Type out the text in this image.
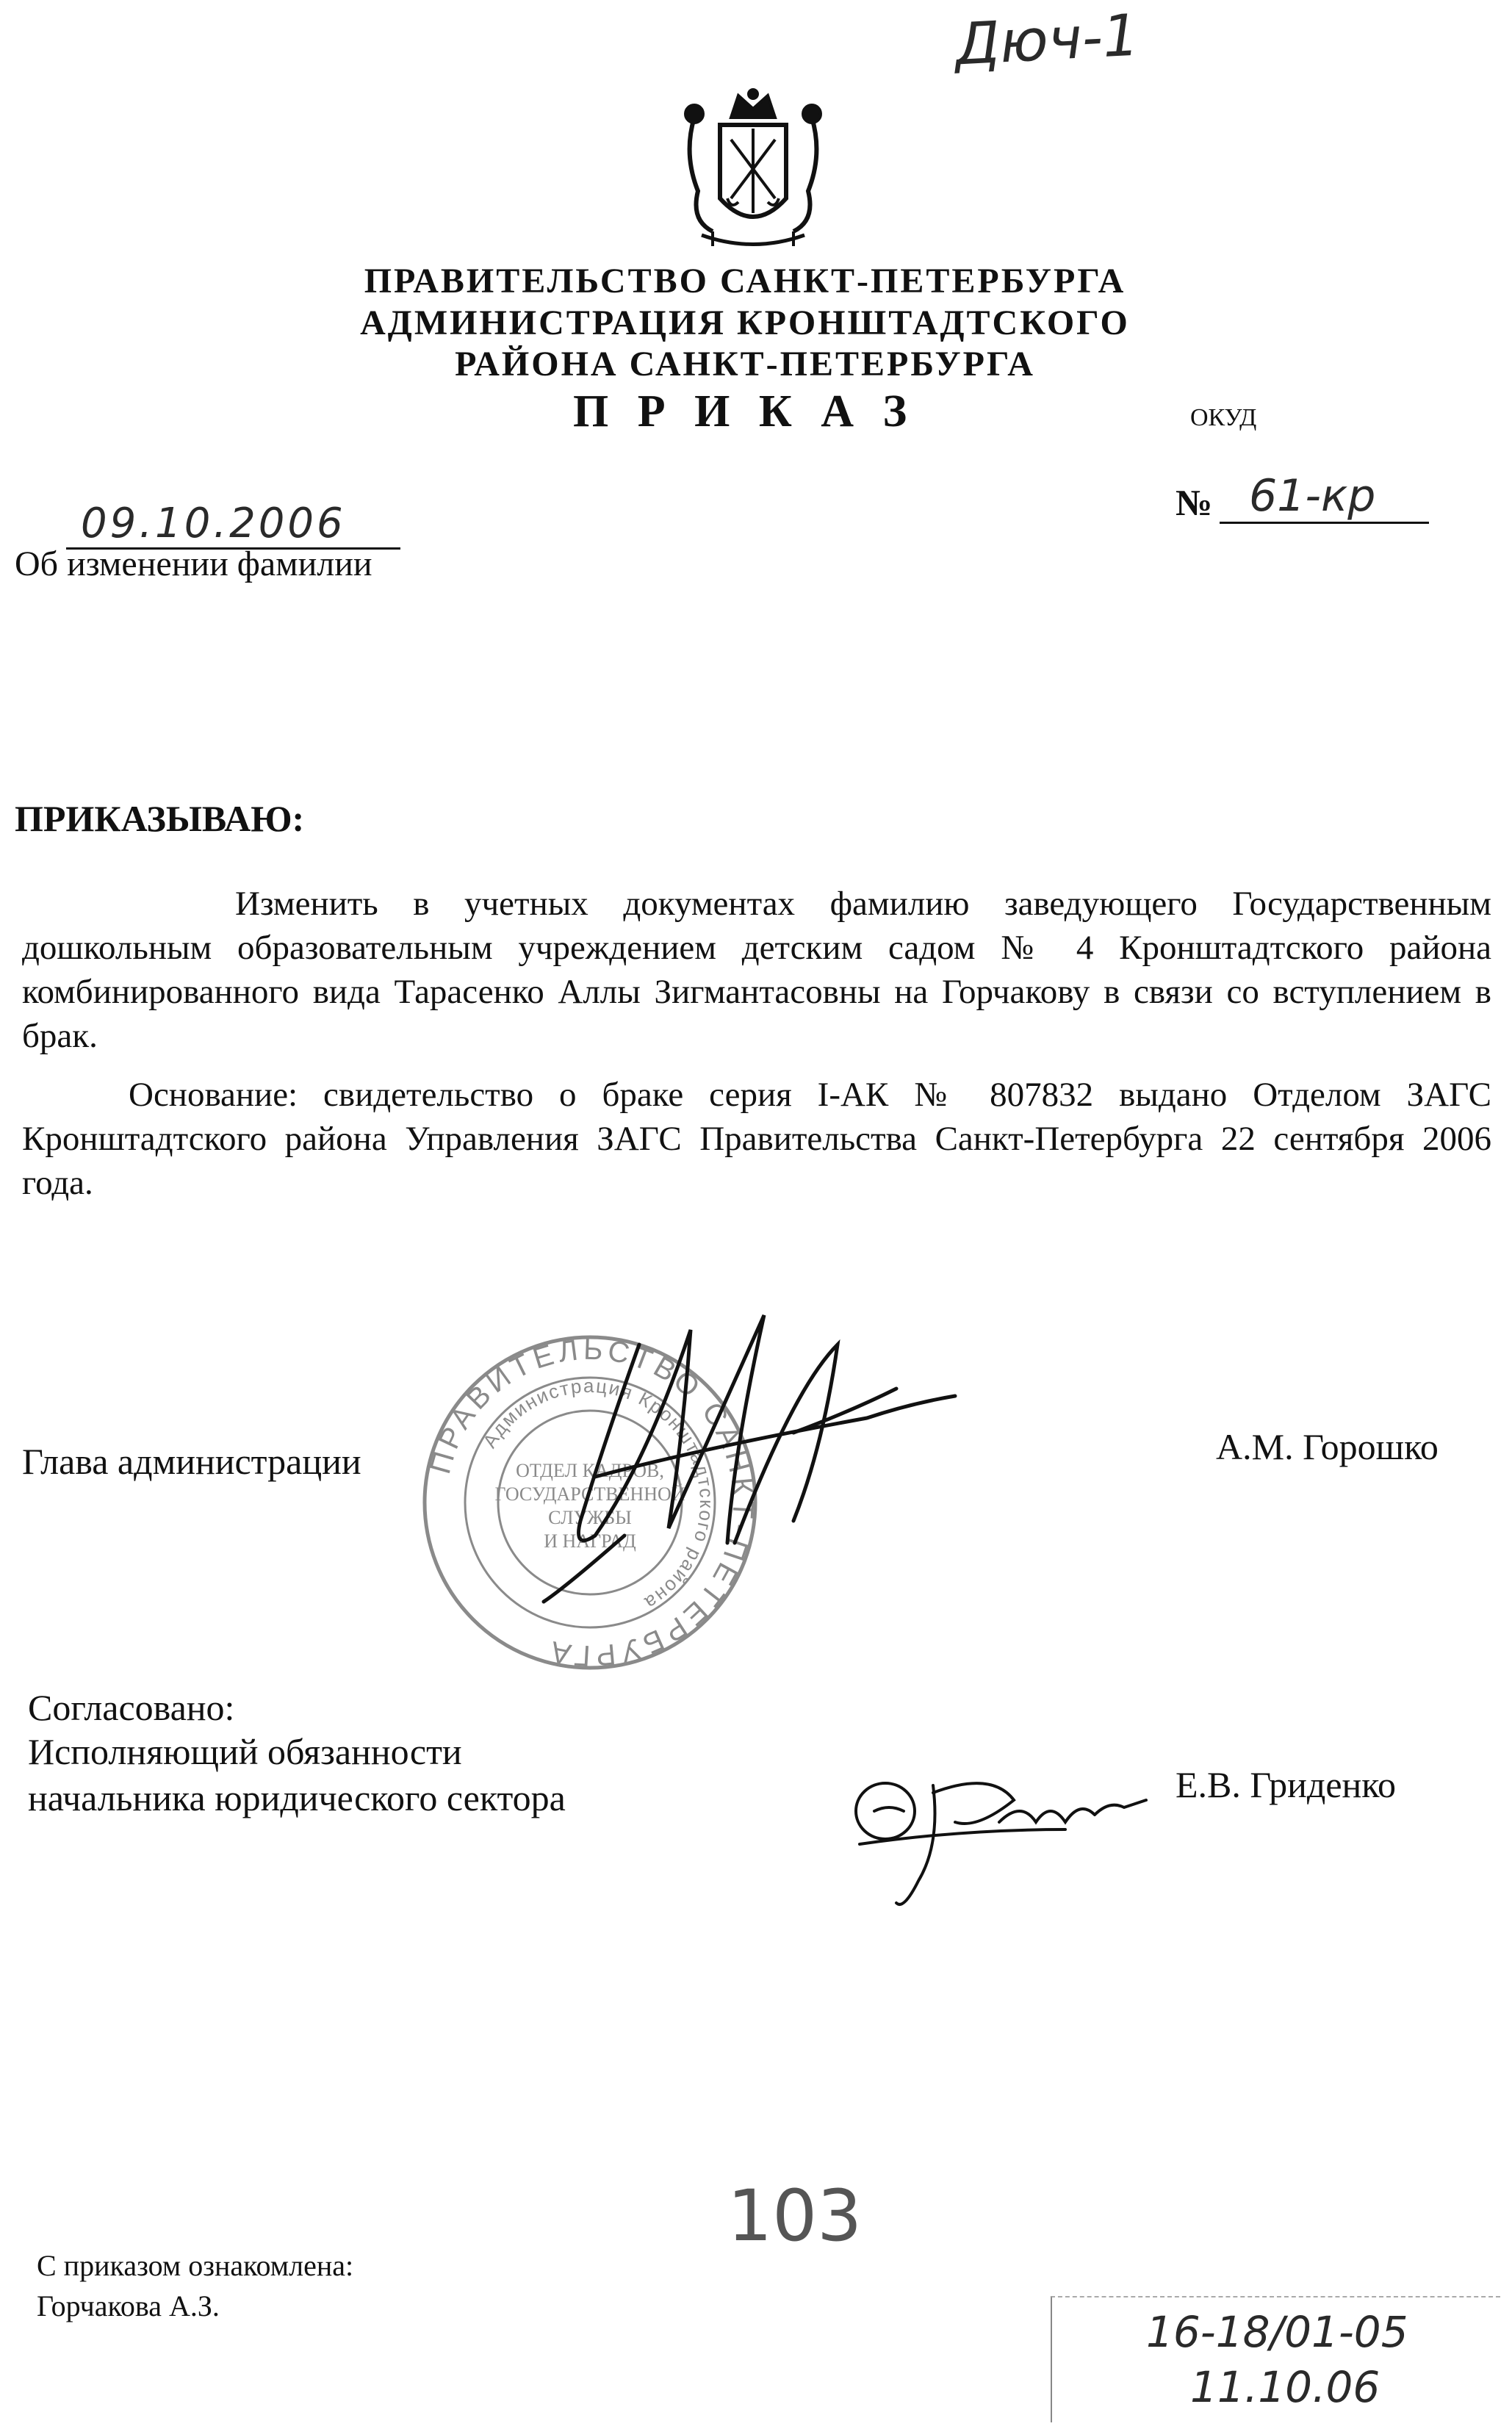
Дюч-1
ПРАВИТЕЛЬСТВО САНКТ-ПЕТЕРБУРГА
АДМИНИСТРАЦИЯ КРОНШТАДТСКОГО
РАЙОНА САНКТ-ПЕТЕРБУРГА
П Р И К А З	ОКУД
09.10.2006	№ 61-кр
Об изменении фамилии
ПРИКАЗЫВАЮ:
Изменить в учетных документах фамилию заведующего Государственным дошкольным образовательным учреждением детским садом № 4 Кронштадтского района комбинированного вида Тарасенко Аллы Зигмантасовны на Горчакову в связи со вступлением в брак.
Основание: свидетельство о браке серия I-АК № 807832 выдано Отделом ЗАГС Кронштадтского района Управления ЗАГС Правительства Санкт-Петербурга 22 сентября 2006 года.
ПРАВИТЕЛЬСТВО САНКТ-ПЕТЕРБУРГА
Администрация Кронштадтского района
ОТДЕЛ КАДРОВ,
ГОСУДАРСТВЕННОЙ
СЛУЖБЫ
И НАГРАД
Глава администрации	А.М. Горошко
Согласовано:
Исполняющий обязанности
начальника юридического сектора	Е.В. Гриденко
103
С приказом ознакомлена:
Горчакова А.З.
16-18/01-05
11.10.06
